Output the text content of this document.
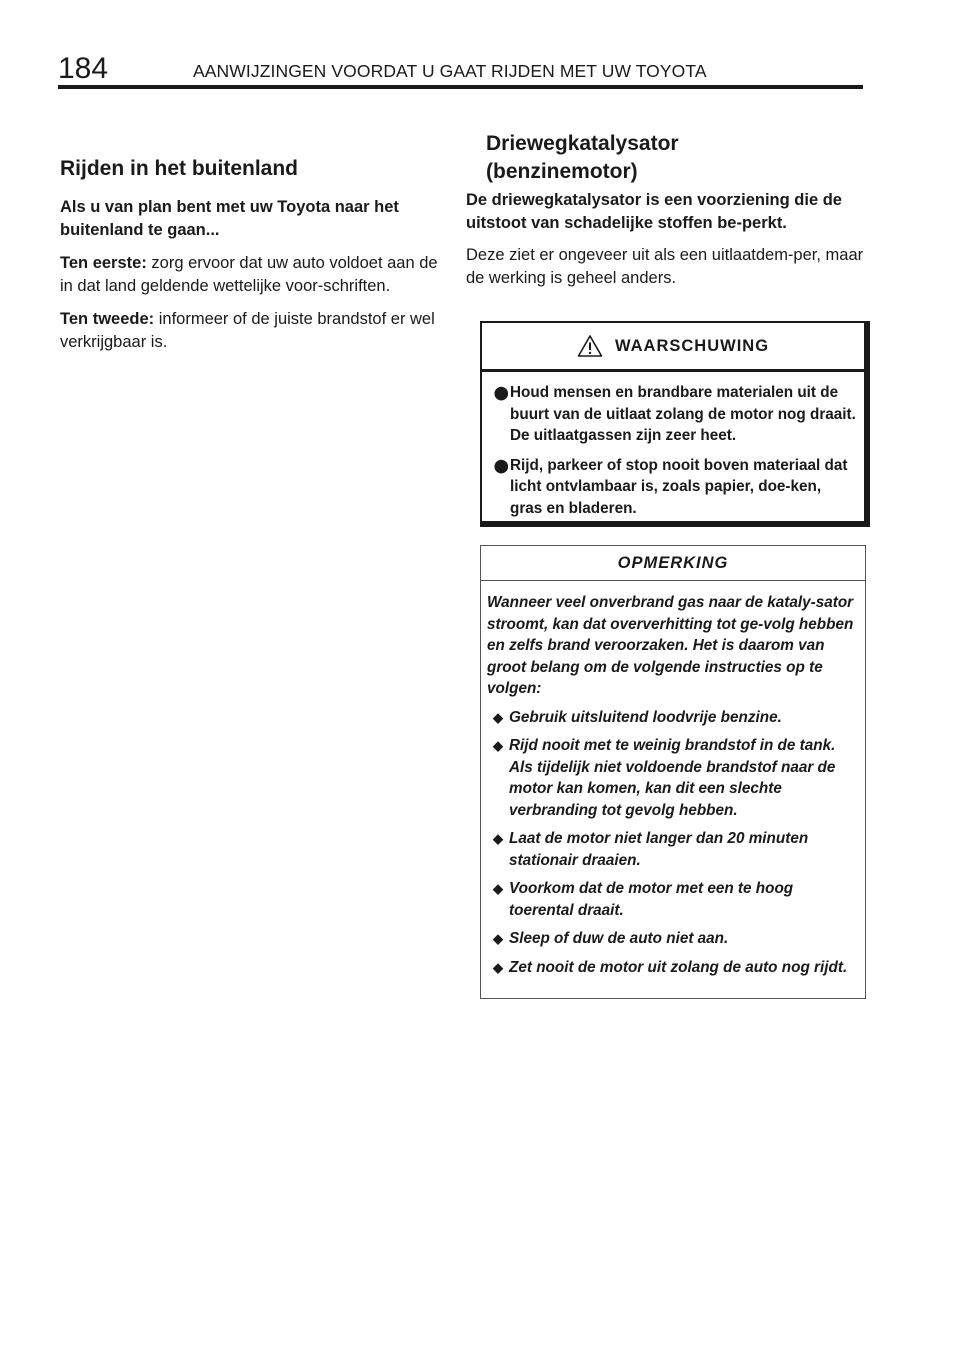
184	AANWIJZINGEN VOORDAT U GAAT RIJDEN MET UW TOYOTA
Rijden in het buitenland

Als u van plan bent met uw Toyota naar het buitenland te gaan...

Ten eerste: zorg ervoor dat uw auto voldoet aan de in dat land geldende wettelijke voor-schriften.

Ten tweede: informeer of de juiste brandstof er wel verkrijgbaar is.

Driewegkatalysator
(benzinemotor)

De driewegkatalysator is een voorziening die de uitstoot van schadelijke stoffen be-perkt.

Deze ziet er ongeveer uit als een uitlaatdem-per, maar de werking is geheel anders.

WAARSCHUWING
⬤ Houd mensen en brandbare materialen uit de buurt van de uitlaat zolang de motor nog draait. De uitlaatgassen zijn zeer heet.
⬤ Rijd, parkeer of stop nooit boven materiaal dat licht ontvlambaar is, zoals papier, doe-ken, gras en bladeren.
OPMERKING
Wanneer veel onverbrand gas naar de kataly-sator stroomt, kan dat oververhitting tot ge-volg hebben en zelfs brand veroorzaken. Het is daarom van groot belang om de volgende instructies op te volgen:
◆ Gebruik uitsluitend loodvrije benzine.
◆ Rijd nooit met te weinig brandstof in de tank. Als tijdelijk niet voldoende brandstof naar de motor kan komen, kan dit een slechte verbranding tot gevolg hebben.
◆ Laat de motor niet langer dan 20 minuten stationair draaien.
◆ Voorkom dat de motor met een te hoog toerental draait.
◆ Sleep of duw de auto niet aan.
◆ Zet nooit de motor uit zolang de auto nog rijdt.
